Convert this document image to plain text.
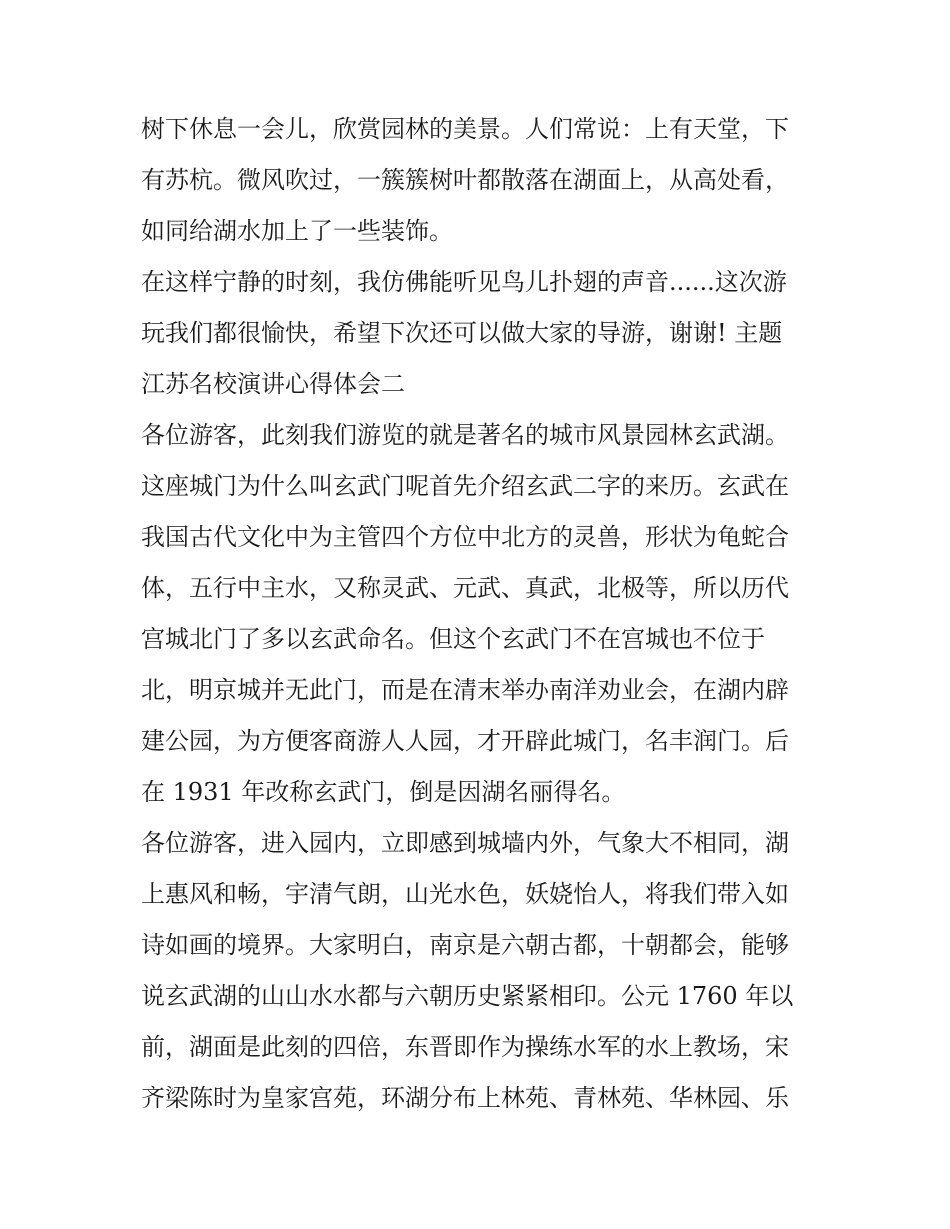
树下休息一会儿，欣赏园林的美景。人们常说：上有天堂，下
有苏杭。微风吹过，一簇簇树叶都散落在湖面上，从高处看，
如同给湖水加上了一些装饰。
在这样宁静的时刻，我仿佛能听见鸟儿扑翅的声音......这次游
玩我们都很愉快，希望下次还可以做大家的导游，谢谢! 主题
江苏名校演讲心得体会二
各位游客，此刻我们游览的就是著名的城市风景园林玄武湖。
这座城门为什么叫玄武门呢首先介绍玄武二字的来历。玄武在
我国古代文化中为主管四个方位中北方的灵兽，形状为龟蛇合
体，五行中主水，又称灵武、元武、真武，北极等，所以历代
宫城北门了多以玄武命名。但这个玄武门不在宫城也不位于
北，明京城并无此门，而是在清末举办南洋劝业会，在湖内辟
建公园，为方便客商游人人园，才开辟此城门，名丰润门。后
在 1931 年改称玄武门，倒是因湖名丽得名。
各位游客，进入园内，立即感到城墙内外，气象大不相同，湖
上惠风和畅，宇清气朗，山光水色，妖娆怡人，将我们带入如
诗如画的境界。大家明白，南京是六朝古都，十朝都会，能够
说玄武湖的山山水水都与六朝历史紧紧相印。公元 1760 年以
前，湖面是此刻的四倍，东晋即作为操练水军的水上教场，宋
齐梁陈时为皇家宫苑，环湖分布上林苑、青林苑、华林园、乐
